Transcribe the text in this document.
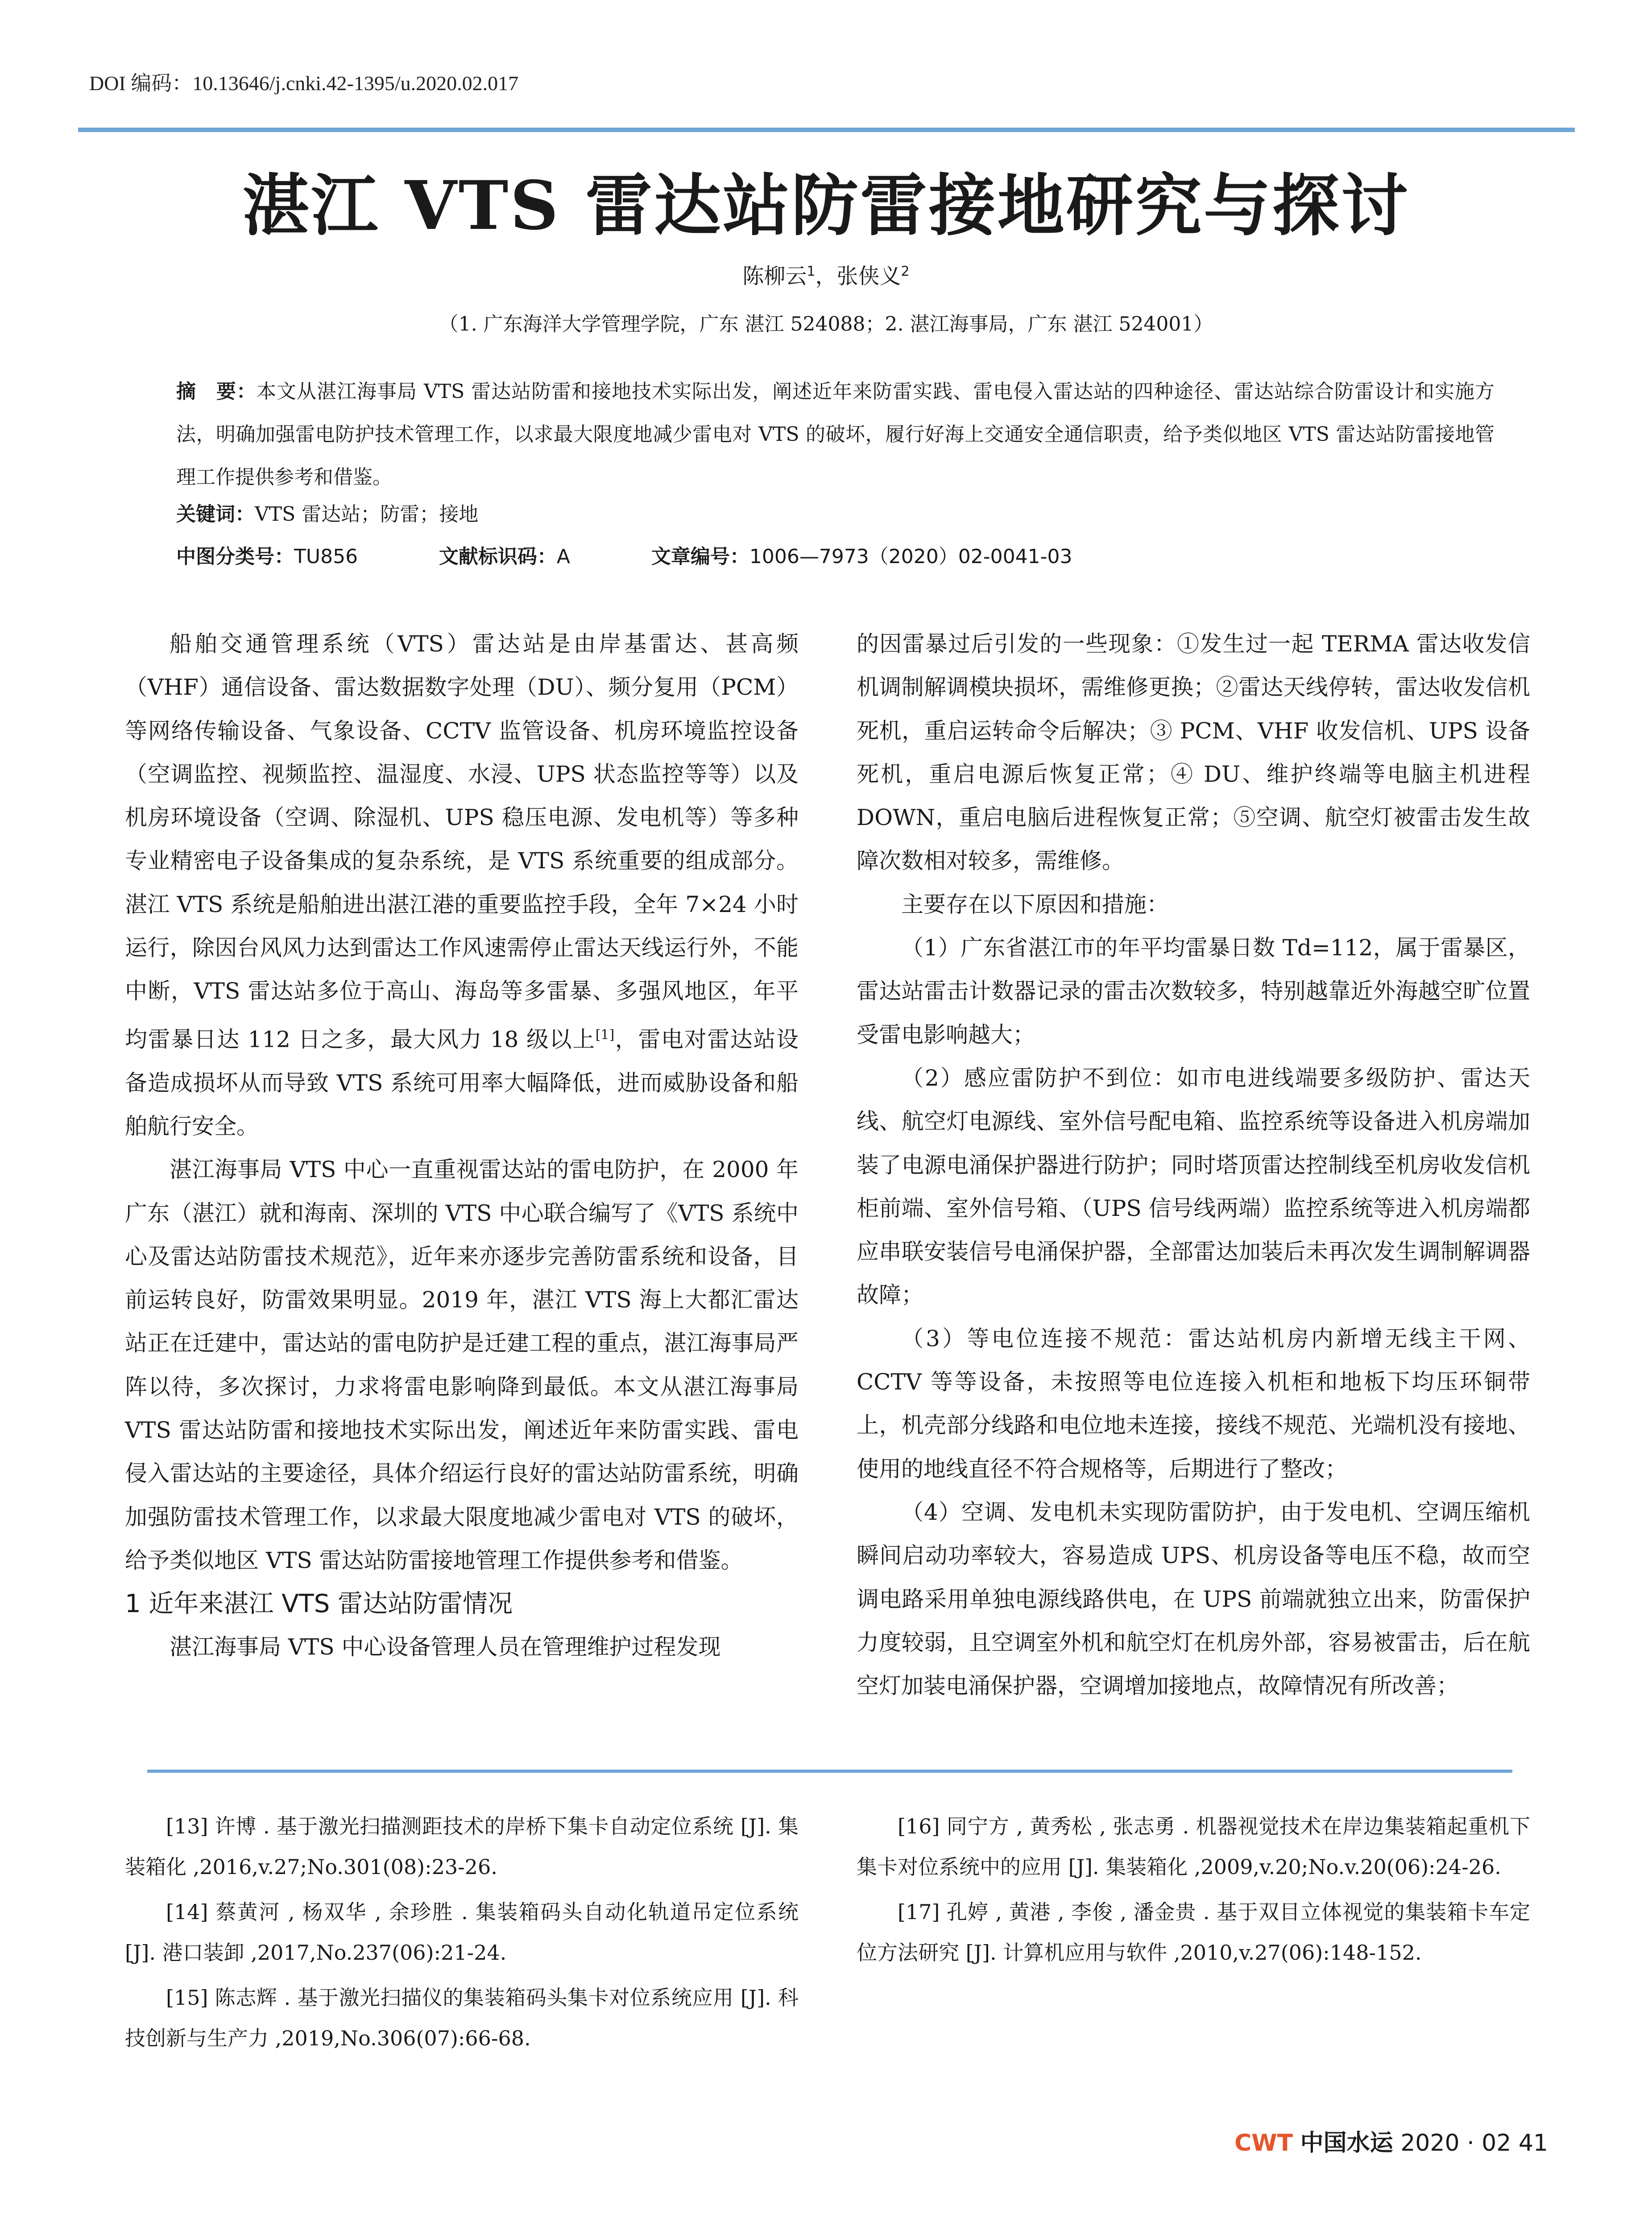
DOI 编码：10.13646/j.cnki.42-1395/u.2020.02.017
湛江 VTS 雷达站防雷接地研究与探讨
陈柳云$^1$，张侠义$^2$
（1. 广东海洋大学管理学院，广东 湛江 524088；2. 湛江海事局，广东 湛江 524001）
摘　要：本文从湛江海事局 VTS 雷达站防雷和接地技术实际出发，阐述近年来防雷实践、雷电侵入雷达站的四种途径、雷达站综合防雷设计和实施方法，明确加强雷电防护技术管理工作，以求最大限度地减少雷电对 VTS 的破坏，履行好海上交通安全通信职责，给予类似地区 VTS 雷达站防雷接地管理工作提供参考和借鉴。
关键词：VTS 雷达站；防雷；接地
中图分类号：TU856	文献标识码：A	文章编号：1006—7973（2020）02-0041-03

船舶交通管理系统（VTS）雷达站是由岸基雷达、甚高频（VHF）通信设备、雷达数据数字处理（DU）、频分复用（PCM）等网络传输设备、气象设备、CCTV 监管设备、机房环境监控设备（空调监控、视频监控、温湿度、水浸、UPS 状态监控等等）以及机房环境设备（空调、除湿机、UPS 稳压电源、发电机等）等多种专业精密电子设备集成的复杂系统，是 VTS 系统重要的组成部分。湛江 VTS 系统是船舶进出湛江港的重要监控手段，全年 7×24 小时运行，除因台风风力达到雷达工作风速需停止雷达天线运行外，不能中断，VTS 雷达站多位于高山、海岛等多雷暴、多强风地区，年平均雷暴日达 112 日之多，最大风力 18 级以上[1]，雷电对雷达站设备造成损坏从而导致 VTS 系统可用率大幅降低，进而威胁设备和船舶航行安全。

湛江海事局 VTS 中心一直重视雷达站的雷电防护，在 2000 年广东（湛江）就和海南、深圳的 VTS 中心联合编写了《VTS 系统中心及雷达站防雷技术规范》，近年来亦逐步完善防雷系统和设备，目前运转良好，防雷效果明显。2019 年，湛江 VTS 海上大都汇雷达站正在迁建中，雷达站的雷电防护是迁建工程的重点，湛江海事局严阵以待，多次探讨，力求将雷电影响降到最低。本文从湛江海事局 VTS 雷达站防雷和接地技术实际出发，阐述近年来防雷实践、雷电侵入雷达站的主要途径，具体介绍运行良好的雷达站防雷系统，明确加强防雷技术管理工作，以求最大限度地减少雷电对 VTS 的破坏，给予类似地区 VTS 雷达站防雷接地管理工作提供参考和借鉴。

1 近年来湛江 VTS 雷达站防雷情况

湛江海事局 VTS 中心设备管理人员在管理维护过程发现

的因雷暴过后引发的一些现象：①发生过一起 TERMA 雷达收发信机调制解调模块损坏，需维修更换；②雷达天线停转，雷达收发信机死机，重启运转命令后解决；③ PCM、VHF 收发信机、UPS 设备死机，重启电源后恢复正常；④ DU、维护终端等电脑主机进程 DOWN，重启电脑后进程恢复正常；⑤空调、航空灯被雷击发生故障次数相对较多，需维修。

主要存在以下原因和措施：

（1）广东省湛江市的年平均雷暴日数 Td=112，属于雷暴区，雷达站雷击计数器记录的雷击次数较多，特别越靠近外海越空旷位置受雷电影响越大；

（2）感应雷防护不到位：如市电进线端要多级防护、雷达天线、航空灯电源线、室外信号配电箱、监控系统等设备进入机房端加装了电源电涌保护器进行防护；同时塔顶雷达控制线至机房收发信机柜前端、室外信号箱、（UPS 信号线两端）监控系统等进入机房端都应串联安装信号电涌保护器，全部雷达加装后未再次发生调制解调器故障；

（3）等电位连接不规范：雷达站机房内新增无线主干网、CCTV 等等设备，未按照等电位连接入机柜和地板下均压环铜带上，机壳部分线路和电位地未连接，接线不规范、光端机没有接地、使用的地线直径不符合规格等，后期进行了整改；

（4）空调、发电机未实现防雷防护，由于发电机、空调压缩机瞬间启动功率较大，容易造成 UPS、机房设备等电压不稳，故而空调电路采用单独电源线路供电，在 UPS 前端就独立出来，防雷保护力度较弱，且空调室外机和航空灯在机房外部，容易被雷击，后在航空灯加装电涌保护器，空调增加接地点，故障情况有所改善；

[13] 许博 . 基于激光扫描测距技术的岸桥下集卡自动定位系统 [J]. 集装箱化 ,2016,v.27;No.301(08):23-26.

[14] 蔡黄河 , 杨双华 , 余珍胜 . 集装箱码头自动化轨道吊定位系统 [J]. 港口装卸 ,2017,No.237(06):21-24.

[15] 陈志辉 . 基于激光扫描仪的集装箱码头集卡对位系统应用 [J]. 科技创新与生产力 ,2019,No.306(07):66-68.

[16] 同宁方 , 黄秀松 , 张志勇 . 机器视觉技术在岸边集装箱起重机下集卡对位系统中的应用 [J]. 集装箱化 ,2009,v.20;No.v.20(06):24-26.

[17] 孔婷 , 黄港 , 李俊 , 潘金贵 . 基于双目立体视觉的集装箱卡车定位方法研究 [J]. 计算机应用与软件 ,2010,v.27(06):148-152.

CWT 中国水运 2020 · 02 41
